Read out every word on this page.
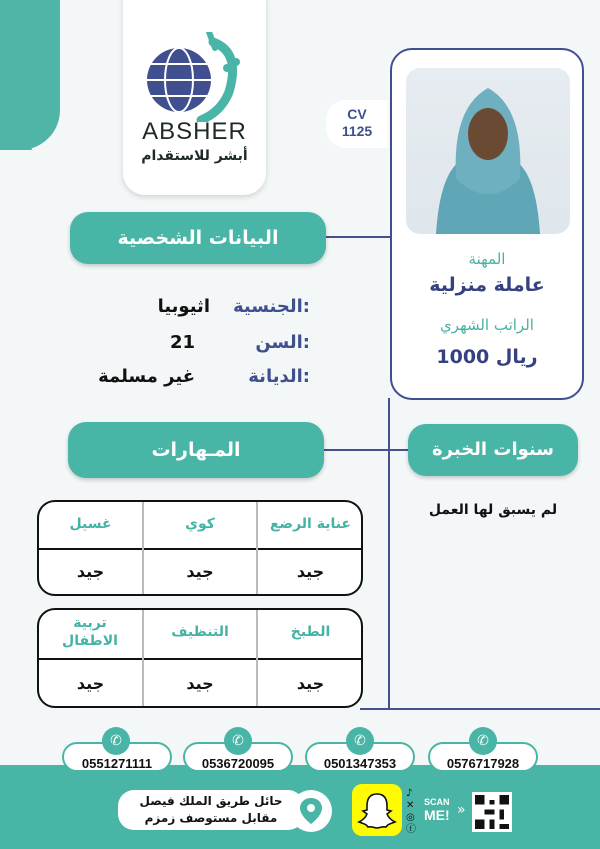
ABSHER
أبشر للاستقدام
CV
1125
المهنة
عاملة منزلية
الراتب الشهري
1000 ريال
البيانات الشخصية
الجنسية:
اثيوبيا
السن:
21
الديانة:
غير مسلمة
سنوات الخبرة
لم يسبق لها العمل
المـهارات
عناية الرضع
كوي
غسيل
جيد
جيد
جيد
الطبخ
التنظيف
تربية الاطفال
جيد
جيد
جيد
0551271111
✆
0536720095
✆
0501347353
✆
0576717928
✆
حائل طريق الملك فيصل
مقابل مستوصف زمزم
♪
✕
◎
ⓕ
SCAN
ME! »
